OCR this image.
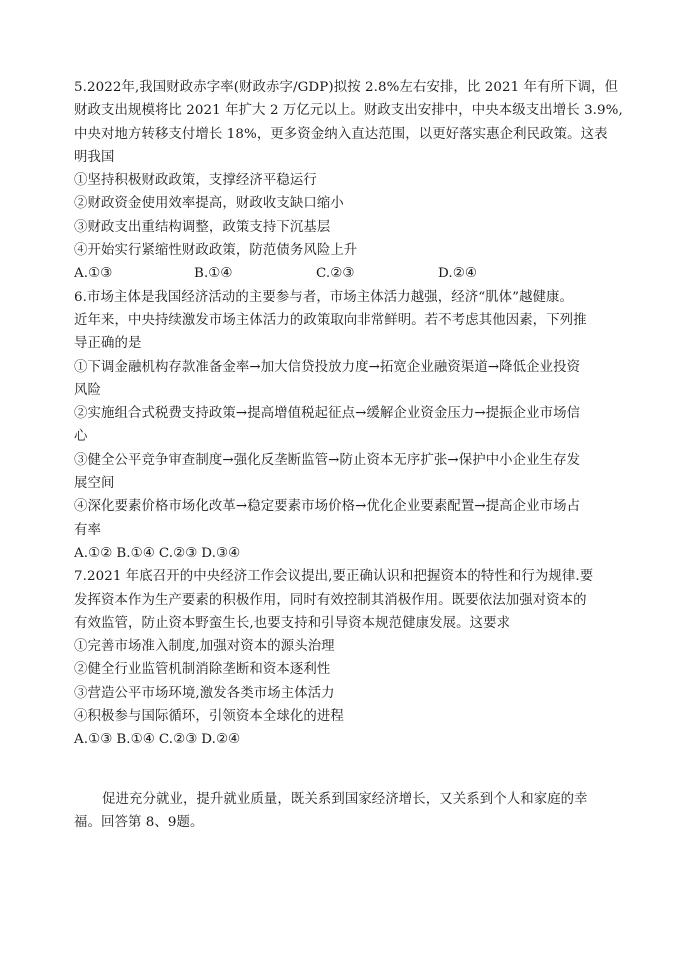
5.2022年,我国财政赤字率(财政赤字/GDP)拟按 2.8%左右安排，比 2021 年有所下调，但
财政支出规模将比 2021 年扩大 2 万亿元以上。财政支出安排中，中央本级支出增长 3.9%,
中央对地方转移支付增长 18%，更多资金纳入直达范围，以更好落实惠企利民政策。这表
明我国
①坚持积极财政政策，支撑经济平稳运行
②财政资金使用效率提高，财政收支缺口缩小
③财政支出重结构调整，政策支持下沉基层
④开始实行紧缩性财政政策，防范债务风险上升
A.①③	B.①④	C.②③	D.②④
6.市场主体是我国经济活动的主要参与者，市场主体活力越强，经济“肌体”越健康。
近年来，中央持续激发市场主体活力的政策取向非常鲜明。若不考虑其他因素，下列推
导正确的是
①下调金融机构存款准备金率→加大信贷投放力度→拓宽企业融资渠道→降低企业投资
风险
②实施组合式税费支持政策→提高增值税起征点→缓解企业资金压力→提振企业市场信
心
③健全公平竞争审查制度→强化反垄断监管→防止资本无序扩张→保护中小企业生存发
展空间
④深化要素价格市场化改革→稳定要素市场价格→优化企业要素配置→提高企业市场占
有率
A.①② B.①④ C.②③ D.③④
7.2021 年底召开的中央经济工作会议提出,要正确认识和把握资本的特性和行为规律.要
发挥资本作为生产要素的积极作用，同时有效控制其消极作用。既要依法加强对资本的
有效监管，防止资本野蛮生长,也要支持和引导资本规范健康发展。这要求
①完善市场准入制度,加强对资本的源头治理
②健全行业监管机制消除垄断和资本逐利性
③营造公平市场环境,激发各类市场主体活力
④积极参与国际循环，引领资本全球化的进程
A.①③ B.①④ C.②③ D.②④
促进充分就业，提升就业质量，既关系到国家经济增长，又关系到个人和家庭的幸
福。回答第 8、9题。
